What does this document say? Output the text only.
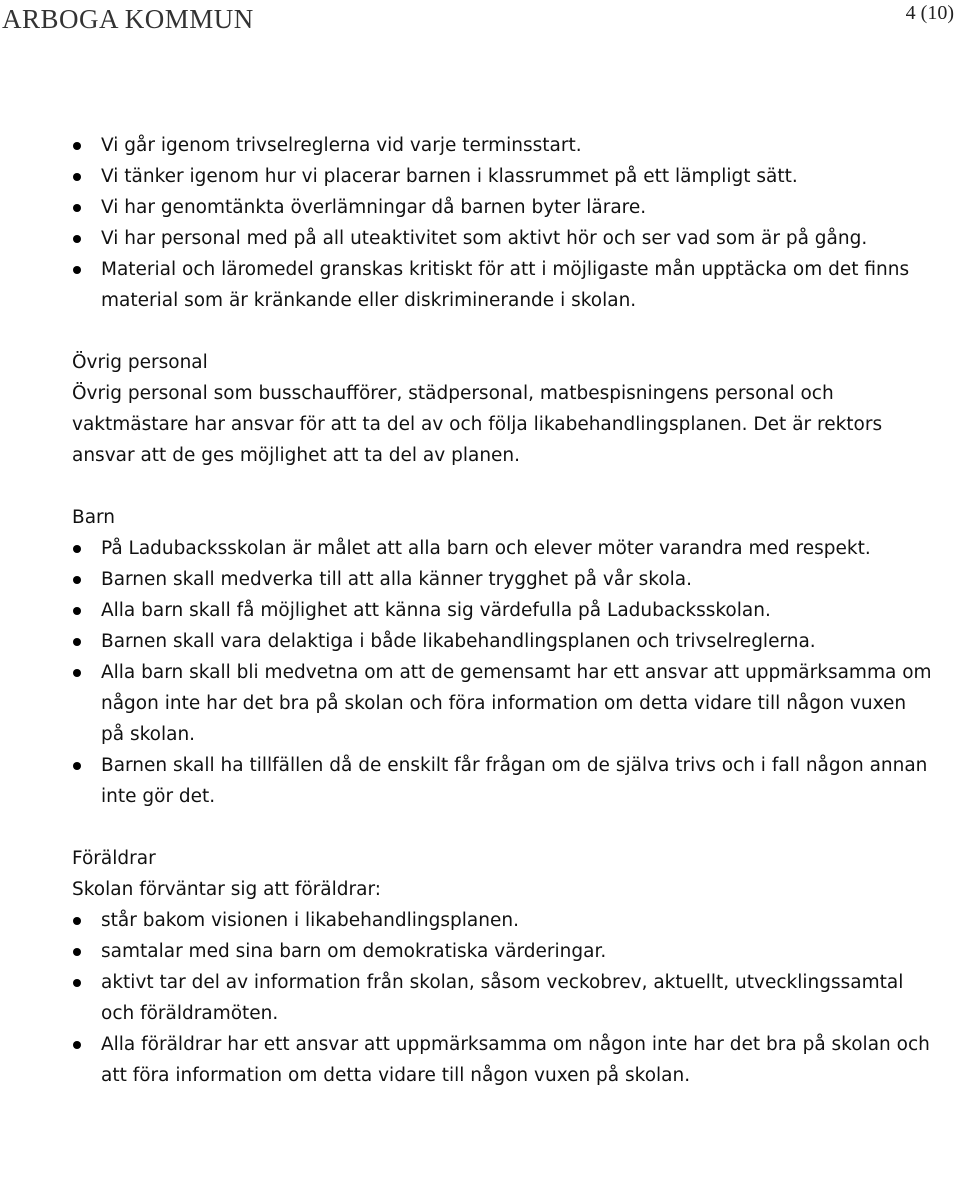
ARBOGA KOMMUN	4 (10)
Vi går igenom trivselreglerna vid varje terminsstart.
Vi tänker igenom hur vi placerar barnen i klassrummet på ett lämpligt sätt.
Vi har genomtänkta överlämningar då barnen byter lärare.
Vi har personal med på all uteaktivitet som aktivt hör och ser vad som är på gång.
Material och läromedel granskas kritiskt för att i möjligaste mån upptäcka om det finns material som är kränkande eller diskriminerande i skolan.
Övrig personal

Övrig personal som busschaufförer, städpersonal, matbespisningens personal och vaktmästare har ansvar för att ta del av och följa likabehandlingsplanen. Det är rektors ansvar att de ges möjlighet att ta del av planen.

Barn
På Ladubacksskolan är målet att alla barn och elever möter varandra med respekt.
Barnen skall medverka till att alla känner trygghet på vår skola.
Alla barn skall få möjlighet att känna sig värdefulla på Ladubacksskolan.
Barnen skall vara delaktiga i både likabehandlingsplanen och trivselreglerna.
Alla barn skall bli medvetna om att de gemensamt har ett ansvar att uppmärksamma om någon inte har det bra på skolan och föra information om detta vidare till någon vuxen på skolan.
Barnen skall ha tillfällen då de enskilt får frågan om de själva trivs och i fall någon annan inte gör det.
Föräldrar

Skolan förväntar sig att föräldrar:

står bakom visionen i likabehandlingsplanen.
samtalar med sina barn om demokratiska värderingar.
aktivt tar del av information från skolan, såsom veckobrev, aktuellt, utvecklingssamtal och föräldramöten.
Alla föräldrar har ett ansvar att uppmärksamma om någon inte har det bra på skolan och att föra information om detta vidare till någon vuxen på skolan.
